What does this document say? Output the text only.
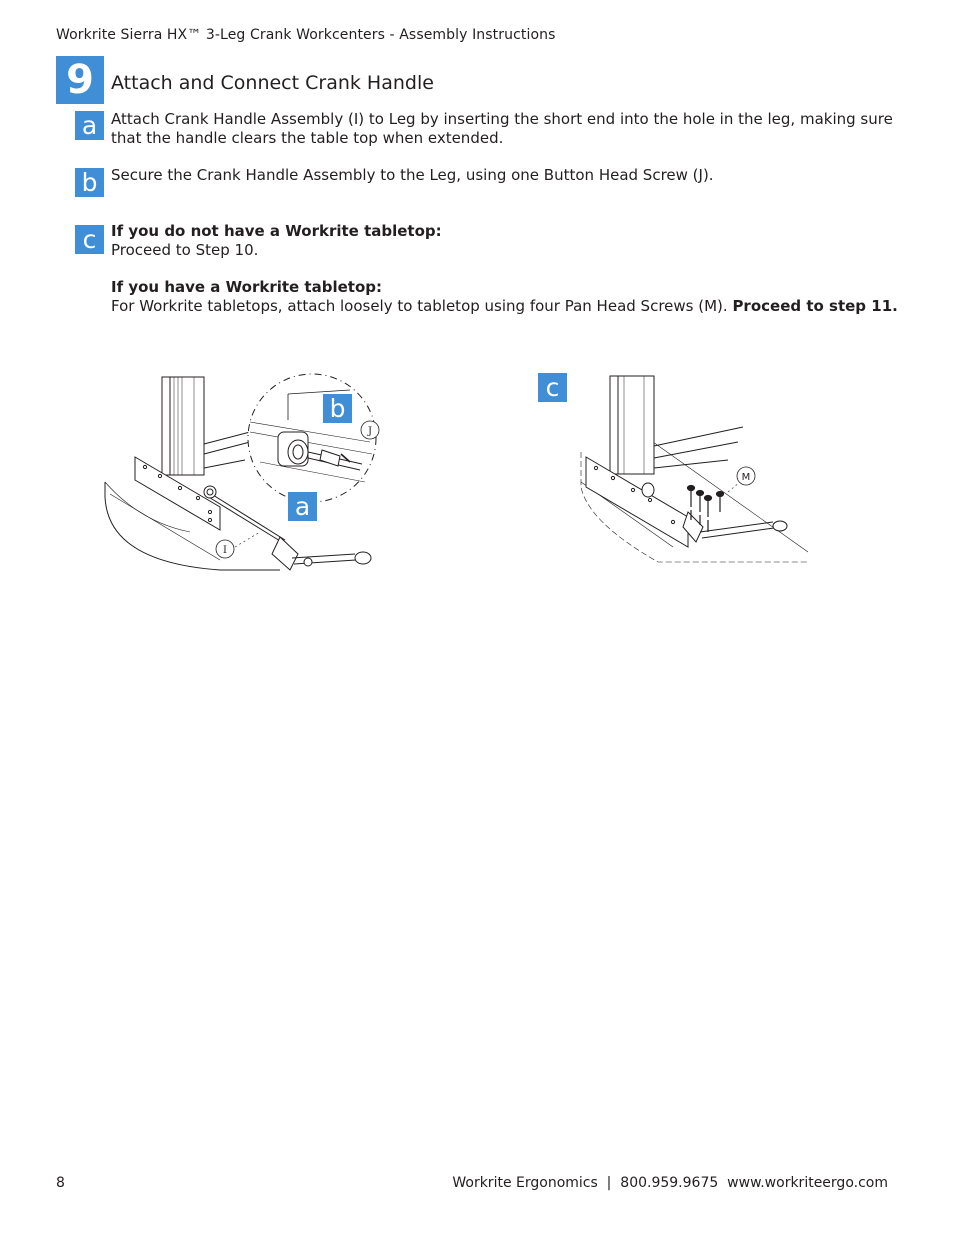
Workrite Sierra HX™ 3-Leg Crank Workcenters - Assembly Instructions
9 Attach and Connect Crank Handle
a Attach Crank Handle Assembly (I) to Leg by inserting the short end into the hole in the leg, making sure that the handle clears the table top when extended.
b Secure the Crank Handle Assembly to the Leg, using one Button Head Screw (J).
c If you do not have a Workrite tabletop:
Proceed to Step 10.
If you have a Workrite tabletop:
For Workrite tabletops, attach loosely to tabletop using four Pan Head Screws (M). Proceed to step 11.
J
I
b
a
c
M
8	Workrite Ergonomics  |  800.959.9675  www.workriteergo.com
